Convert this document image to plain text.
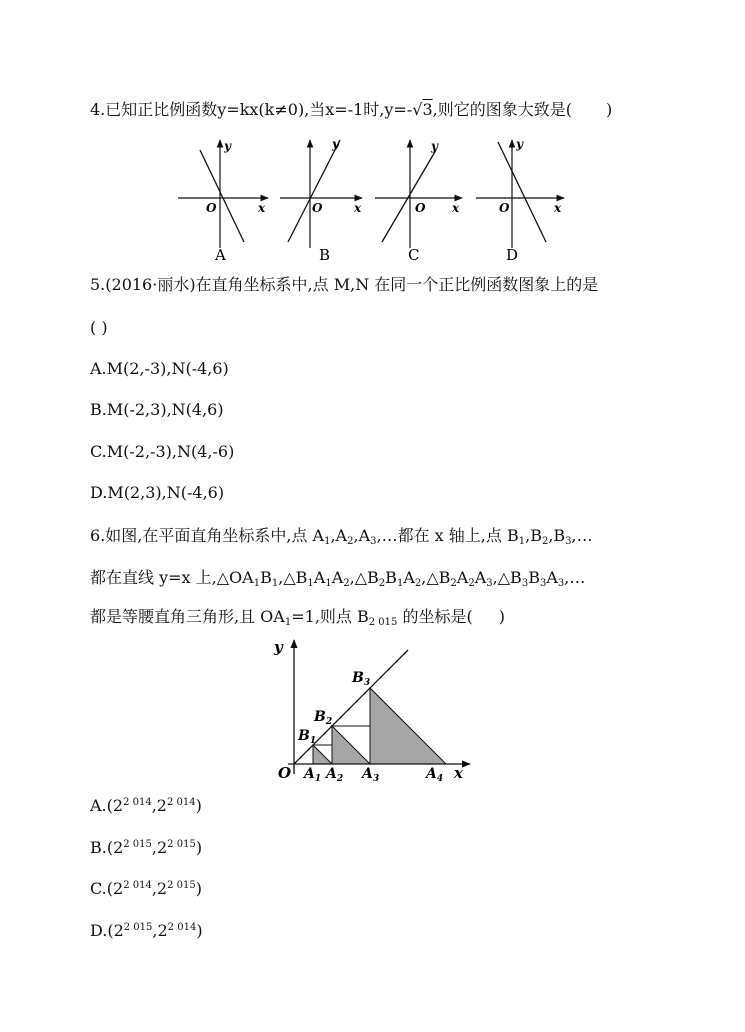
4.已知正比例函数y=kx(k≠0),当x=-1时,y=-√3,则它的图象大致是( )
y
x
O
y
x
O
y
x
O
y
x
O
A	B	C	D
5.(2016·丽水)在直角坐标系中,点 M,N 在同一个正比例函数图象上的是
( )
A.M(2,-3),N(-4,6)
B.M(-2,3),N(4,6)
C.M(-2,-3),N(4,-6)
D.M(2,3),N(-4,6)
6.如图,在平面直角坐标系中,点 $A_1,A_2,A_3,\dots$都在 x 轴上,点 $B_1,B_2,B_3,\dots$
都在直线 y=x 上$,\triangle OA_1B_1,\triangle B_1A_1A_2,\triangle B_2B_1A_2,\triangle B_2A_2A_3,\triangle B_3B_3A_3,\dots$
都是等腰直角三角形,且 $OA_1=1$,则点 $B_{2 015}$ 的坐标是( )
y
x
O
$B_1$
$B_2$
$B_3$
$A_1$ $A_2$ $A_3$	$A_4$
$A.(2^{2 014},2^{2 014})$
$B.(2^{2 015},2^{2 015})$
$C.(2^{2 014},2^{2 015})$
$D.(2^{2 015},2^{2 014})$
